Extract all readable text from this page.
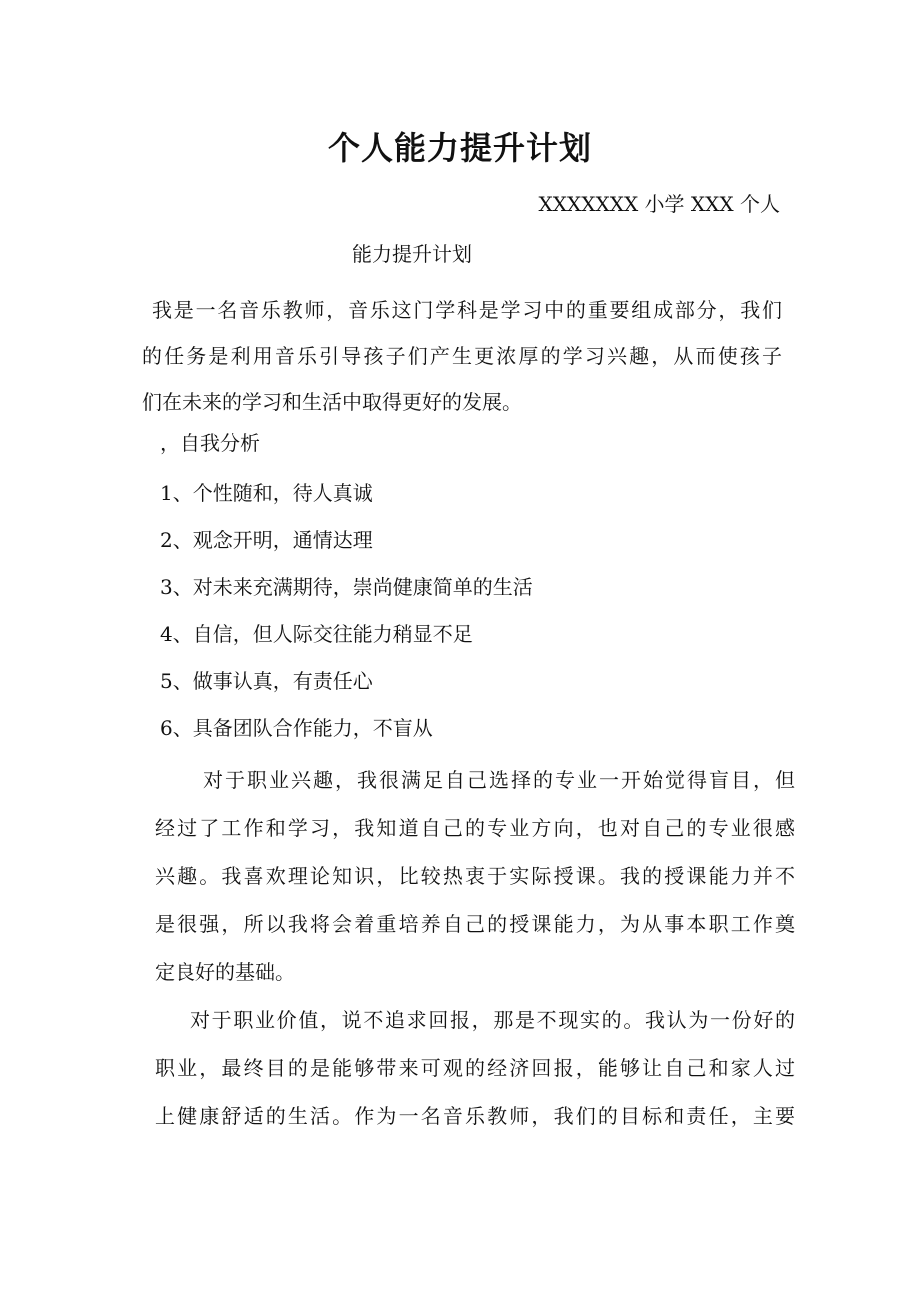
个人能力提升计划
XXXXXXX 小学 XXX 个人
能力提升计划
我是一名音乐教师，音乐这门学科是学习中的重要组成部分，我们
的任务是利用音乐引导孩子们产生更浓厚的学习兴趣，从而使孩子
们在未来的学习和生活中取得更好的发展。
，自我分析
1、个性随和，待人真诚
2、观念开明，通情达理
3、对未来充满期待，崇尚健康简单的生活
4、自信，但人际交往能力稍显不足
5、做事认真，有责任心
6、具备团队合作能力，不盲从
对于职业兴趣，我很满足自己选择的专业一开始觉得盲目，但
经过了工作和学习，我知道自己的专业方向，也对自己的专业很感
兴趣。我喜欢理论知识，比较热衷于实际授课。我的授课能力并不
是很强，所以我将会着重培养自己的授课能力，为从事本职工作奠
定良好的基础。
对于职业价值，说不追求回报，那是不现实的。我认为一份好的
职业，最终目的是能够带来可观的经济回报，能够让自己和家人过
上健康舒适的生活。作为一名音乐教师，我们的目标和责任，主要
